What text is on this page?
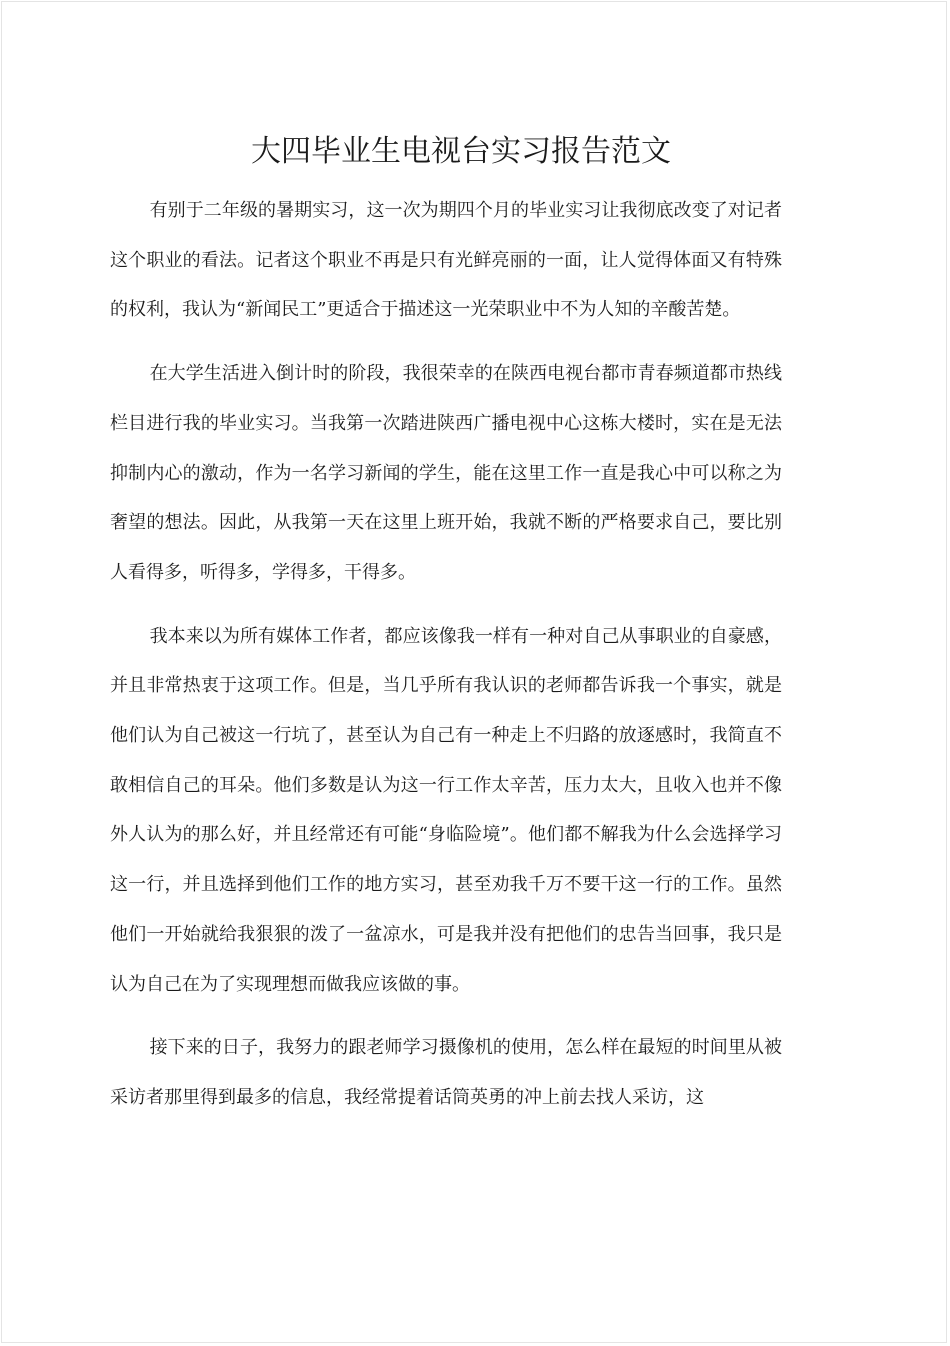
大四毕业生电视台实习报告范文

有别于二年级的暑期实习，这一次为期四个月的毕业实习让我彻底改变了对记者这个职业的看法。记者这个职业不再是只有光鲜亮丽的一面，让人觉得体面又有特殊的权利，我认为“新闻民工”更适合于描述这一光荣职业中不为人知的辛酸苦楚。

在大学生活进入倒计时的阶段，我很荣幸的在陕西电视台都市青春频道都市热线栏目进行我的毕业实习。当我第一次踏进陕西广播电视中心这栋大楼时，实在是无法抑制内心的激动，作为一名学习新闻的学生，能在这里工作一直是我心中可以称之为奢望的想法。因此，从我第一天在这里上班开始，我就不断的严格要求自己，要比别人看得多，听得多，学得多，干得多。

我本来以为所有媒体工作者，都应该像我一样有一种对自己从事职业的自豪感，并且非常热衷于这项工作。但是，当几乎所有我认识的老师都告诉我一个事实，就是他们认为自己被这一行坑了，甚至认为自己有一种走上不归路的放逐感时，我简直不敢相信自己的耳朵。他们多数是认为这一行工作太辛苦，压力太大，且收入也并不像外人认为的那么好，并且经常还有可能“身临险境”。他们都不解我为什么会选择学习这一行，并且选择到他们工作的地方实习，甚至劝我千万不要干这一行的工作。虽然他们一开始就给我狠狠的泼了一盆凉水，可是我并没有把他们的忠告当回事，我只是认为自己在为了实现理想而做我应该做的事。

接下来的日子，我努力的跟老师学习摄像机的使用，怎么样在最短的时间里从被采访者那里得到最多的信息，我经常提着话筒英勇的冲上前去找人采访，这
